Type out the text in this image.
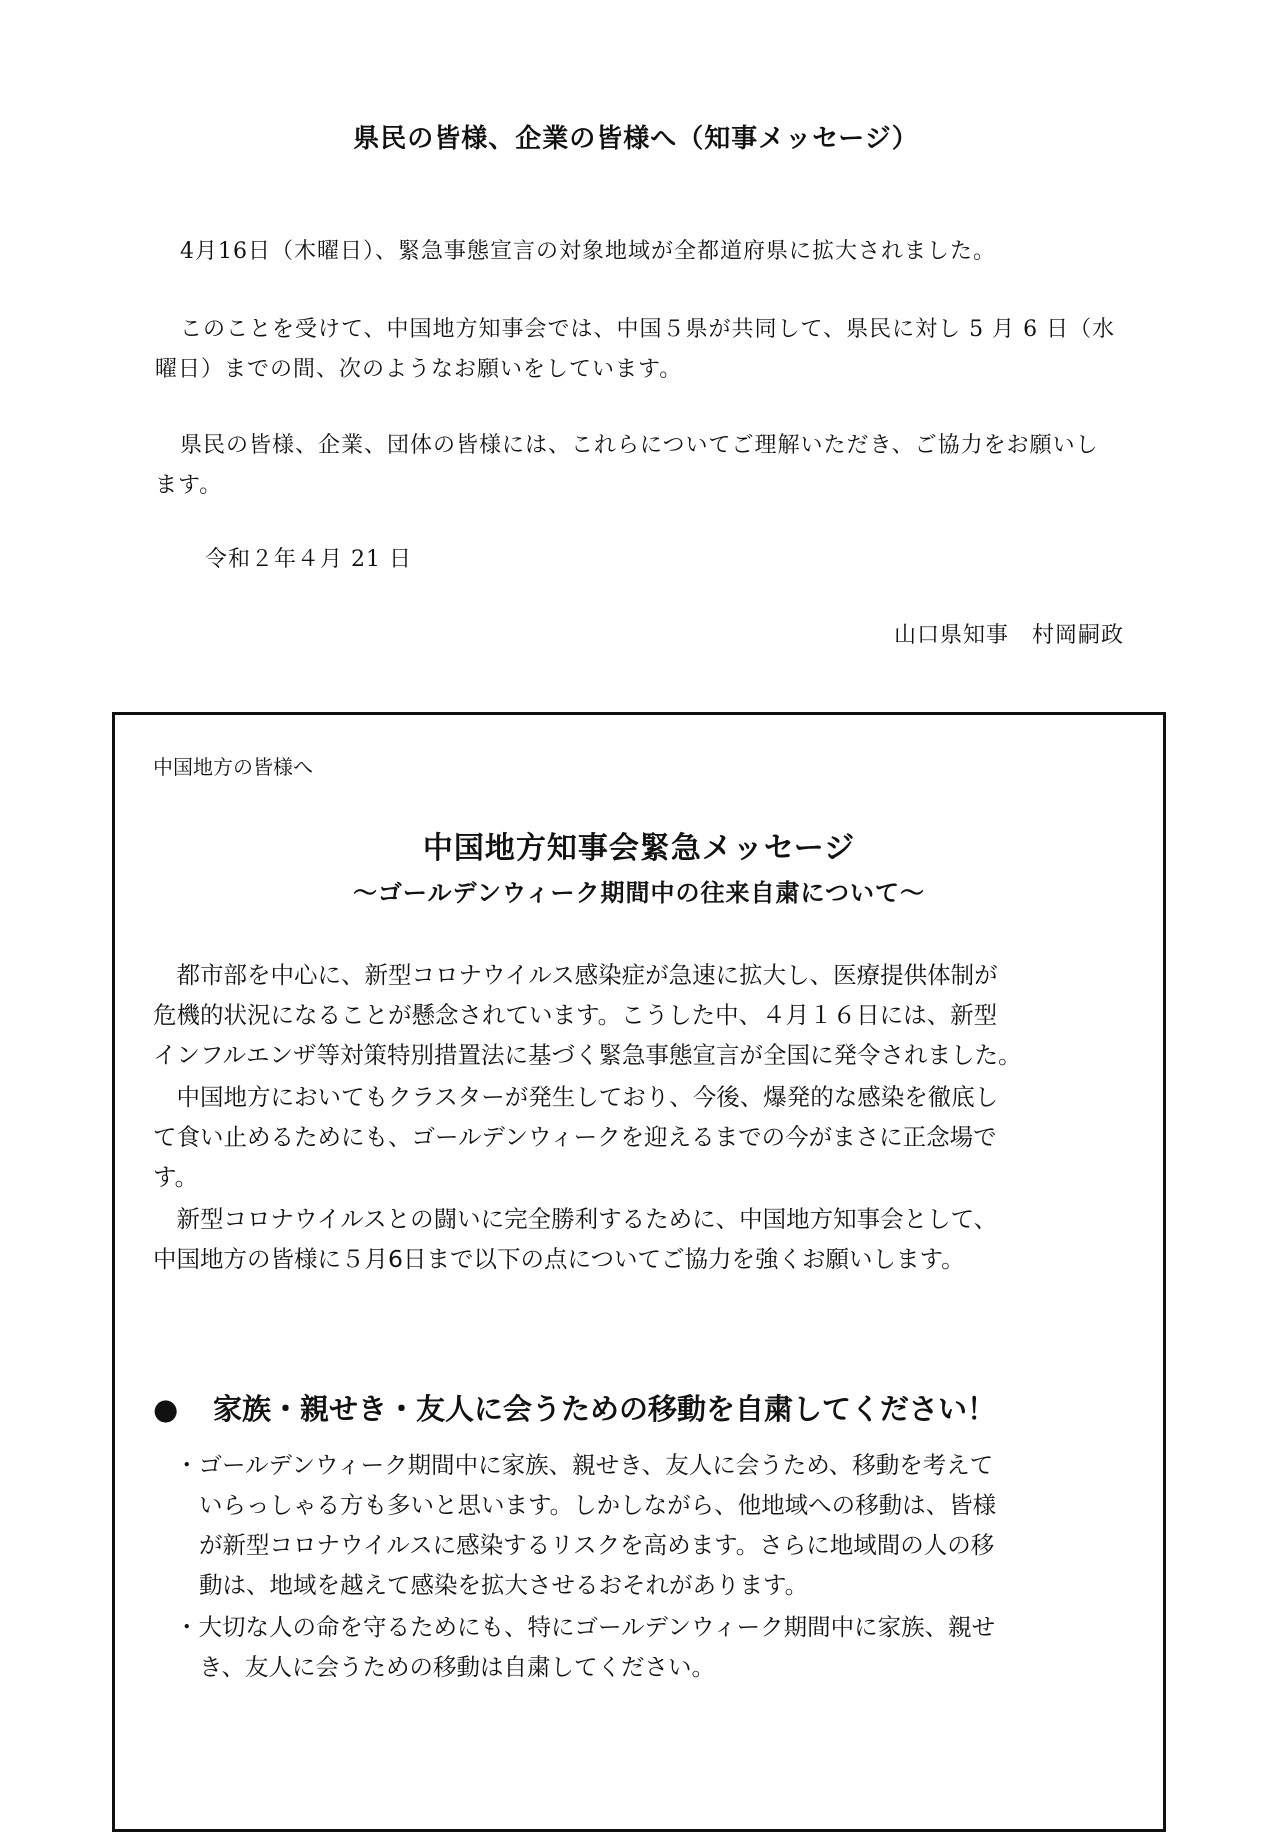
県民の皆様、企業の皆様へ（知事メッセージ）

4月16日（木曜日）、緊急事態宣言の対象地域が全都道府県に拡大されました。

このことを受けて、中国地方知事会では、中国５県が共同して、県民に対し 5 月 6 日（水曜日）までの間、次のようなお願いをしています。

県民の皆様、企業、団体の皆様には、これらについてご理解いただき、ご協力をお願いします。

令和２年４月 21 日
山口県知事　村岡嗣政
中国地方の皆様へ
中国地方知事会緊急メッセージ
～ゴールデンウィーク期間中の往来自粛について～

　都市部を中心に、新型コロナウイルス感染症が急速に拡大し、医療提供体制が

危機的状況になることが懸念されています。こうした中、４月１６日には、新型

インフルエンザ等対策特別措置法に基づく緊急事態宣言が全国に発令されました。

　中国地方においてもクラスターが発生しており、今後、爆発的な感染を徹底し

て食い止めるためにも、ゴールデンウィークを迎えるまでの今がまさに正念場で

す。

　新型コロナウイルスとの闘いに完全勝利するために、中国地方知事会として、

中国地方の皆様に５月6日まで以下の点についてご協力を強くお願いします。

● 家族・親せき・友人に会うための移動を自粛してください！

・ゴールデンウィーク期間中に家族、親せき、友人に会うため、移動を考えて

いらっしゃる方も多いと思います。しかしながら、他地域への移動は、皆様

が新型コロナウイルスに感染するリスクを高めます。さらに地域間の人の移

動は、地域を越えて感染を拡大させるおそれがあります。

・大切な人の命を守るためにも、特にゴールデンウィーク期間中に家族、親せ

き、友人に会うための移動は自粛してください。
